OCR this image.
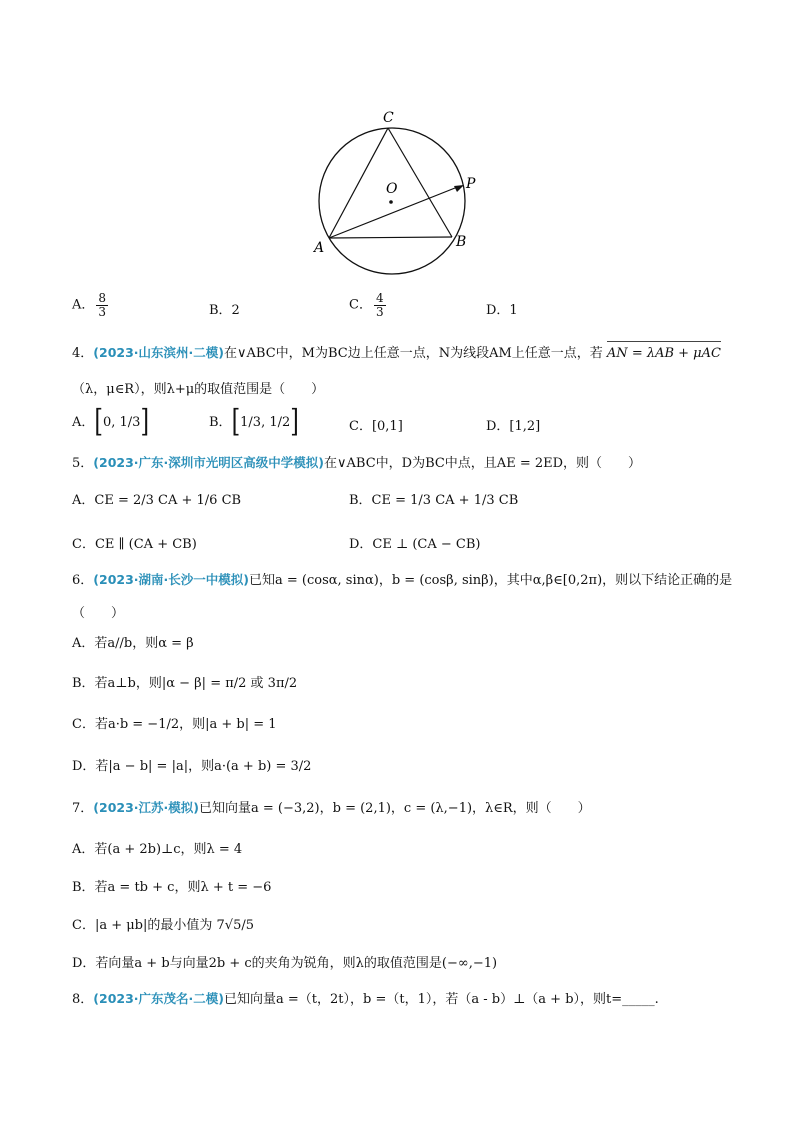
C
O	P
A	B
A． $\frac{8}{3}$	B．2	C． $\frac{4}{3}$	D．1
4．(2023·山东滨州·二模)在∨ABC中，M为BC边上任意一点，N为线段AM上任意一点，若 AN = λAB + μAC
（λ，μ∈R），则λ+μ的取值范围是（　　）
A．[0, 1/3]	B．[1/3, 1/2]	C．[0,1]	D．[1,2]
5．(2023·广东·深圳市光明区高级中学模拟)在∨ABC中，D为BC中点，且AE = 2ED，则（　　）
A．CE = 2/3 CA + 1/6 CB	B．CE = 1/3 CA + 1/3 CB
C．CE ∥ (CA + CB)	D．CE ⊥ (CA − CB)
6．(2023·湖南·长沙一中模拟)已知a = (cosα, sinα)，b = (cosβ, sinβ)，其中α,β∈[0,2π)，则以下结论正确的是
（　　）
A．若a//b，则α = β
B．若a⊥b，则|α − β| = π/2 或 3π/2
C．若a·b = −1/2，则|a + b| = 1
D．若|a − b| = |a|，则a·(a + b) = 3/2
7．(2023·江苏·模拟)已知向量a = (−3,2)，b = (2,1)，c = (λ,−1)，λ∈R，则（　　）
A．若(a + 2b)⊥c，则λ = 4
B．若a = tb + c，则λ + t = −6
C．|a + μb|的最小值为 7√5/5
D．若向量a + b与向量2b + c的夹角为锐角，则λ的取值范围是(−∞,−1)
8．(2023·广东茂名·二模)已知向量a =（t，2t），b =（t，1），若（a - b）⊥（a + b），则t=_____.
